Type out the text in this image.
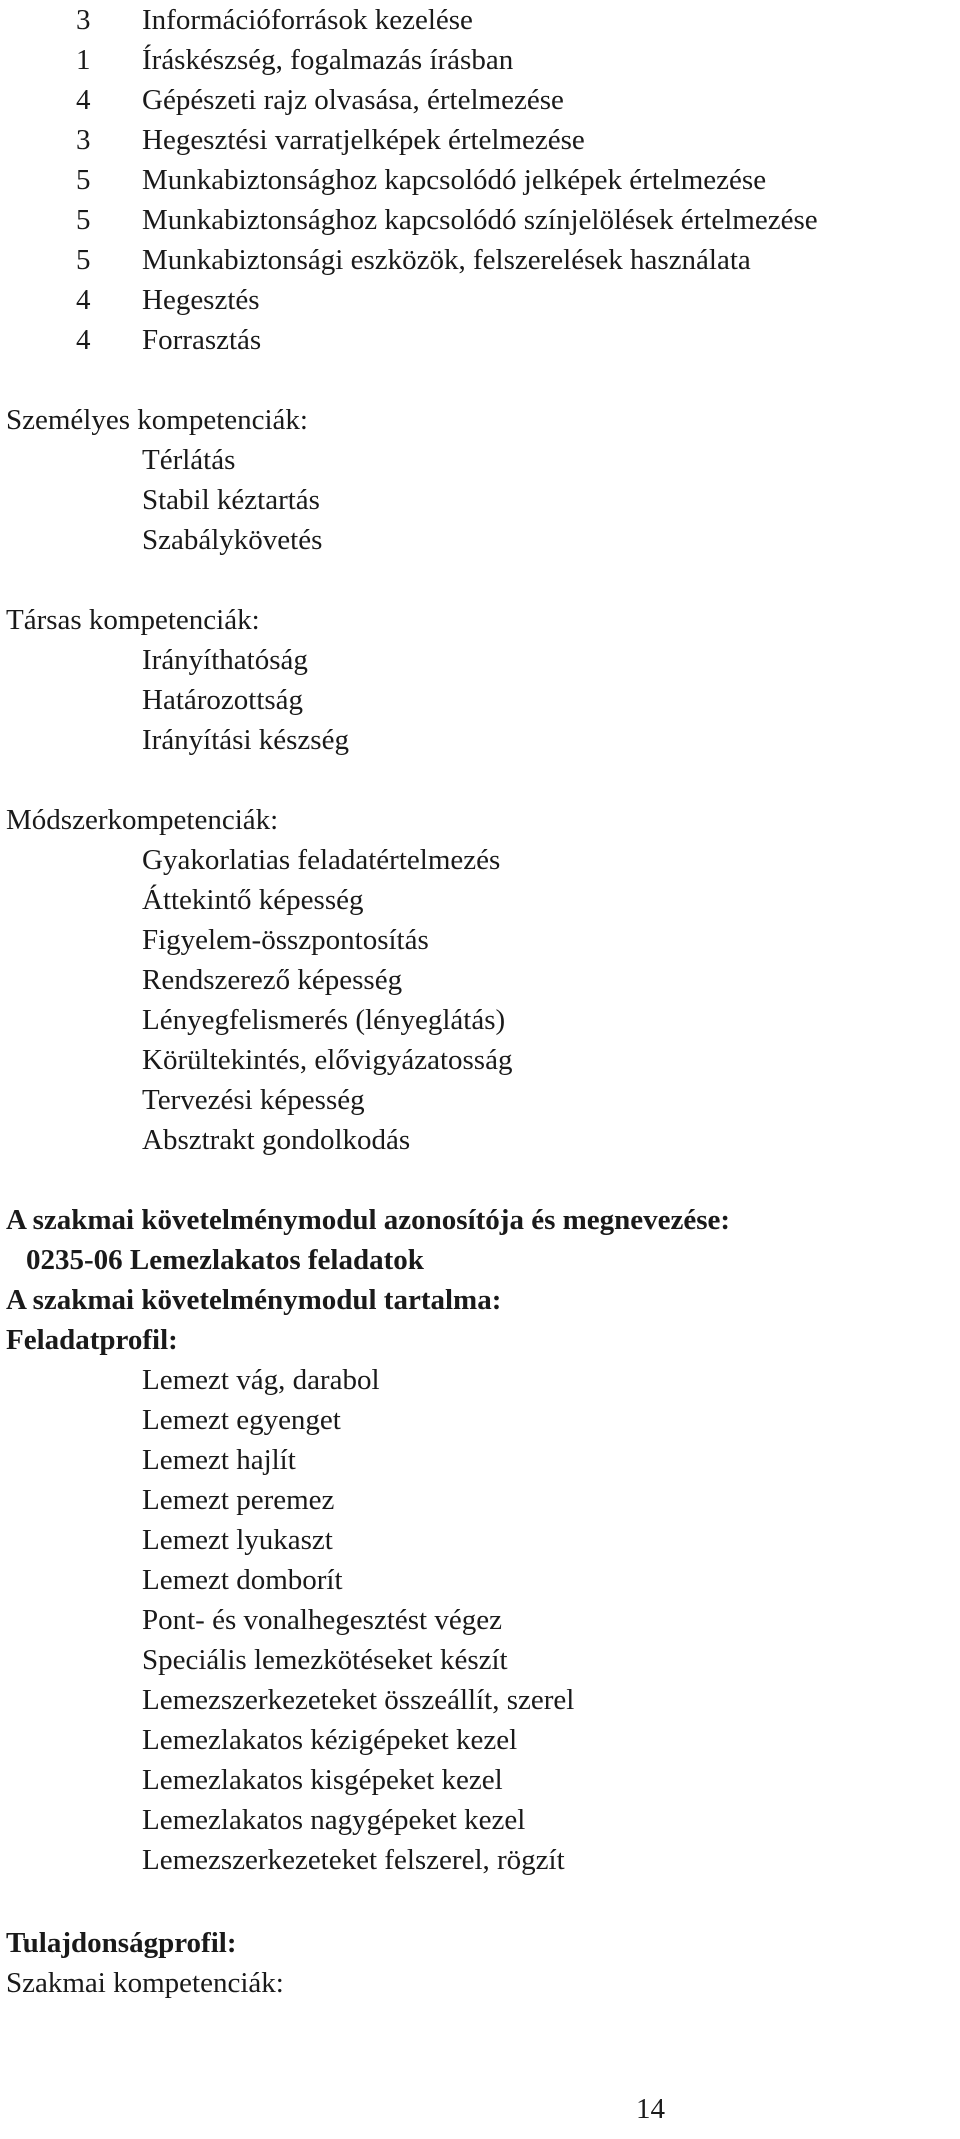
3	Információforrások kezelése
1	Íráskészség, fogalmazás írásban
4	Gépészeti rajz olvasása, értelmezése
3	Hegesztési varratjelképek értelmezése
5	Munkabiztonsághoz kapcsolódó jelképek értelmezése
5	Munkabiztonsághoz kapcsolódó színjelölések értelmezése
5	Munkabiztonsági eszközök, felszerelések használata
4	Hegesztés
4	Forrasztás
Személyes kompetenciák:
Térlátás
Stabil kéztartás
Szabálykövetés
Társas kompetenciák:
Irányíthatóság
Határozottság
Irányítási készség
Módszerkompetenciák:
Gyakorlatias feladatértelmezés
Áttekintő képesség
Figyelem-összpontosítás
Rendszerező képesség
Lényegfelismerés (lényeglátás)
Körültekintés, elővigyázatosság
Tervezési képesség
Absztrakt gondolkodás
A szakmai követelménymodul azonosítója és megnevezése:
0235-06 Lemezlakatos feladatok
A szakmai követelménymodul tartalma:
Feladatprofil:
Lemezt vág, darabol
Lemezt egyenget
Lemezt hajlít
Lemezt peremez
Lemezt lyukaszt
Lemezt domborít
Pont- és vonalhegesztést végez
Speciális lemezkötéseket készít
Lemezszerkezeteket összeállít, szerel
Lemezlakatos kézigépeket kezel
Lemezlakatos kisgépeket kezel
Lemezlakatos nagygépeket kezel
Lemezszerkezeteket felszerel, rögzít
Tulajdonságprofil:
Szakmai kompetenciák:
14
